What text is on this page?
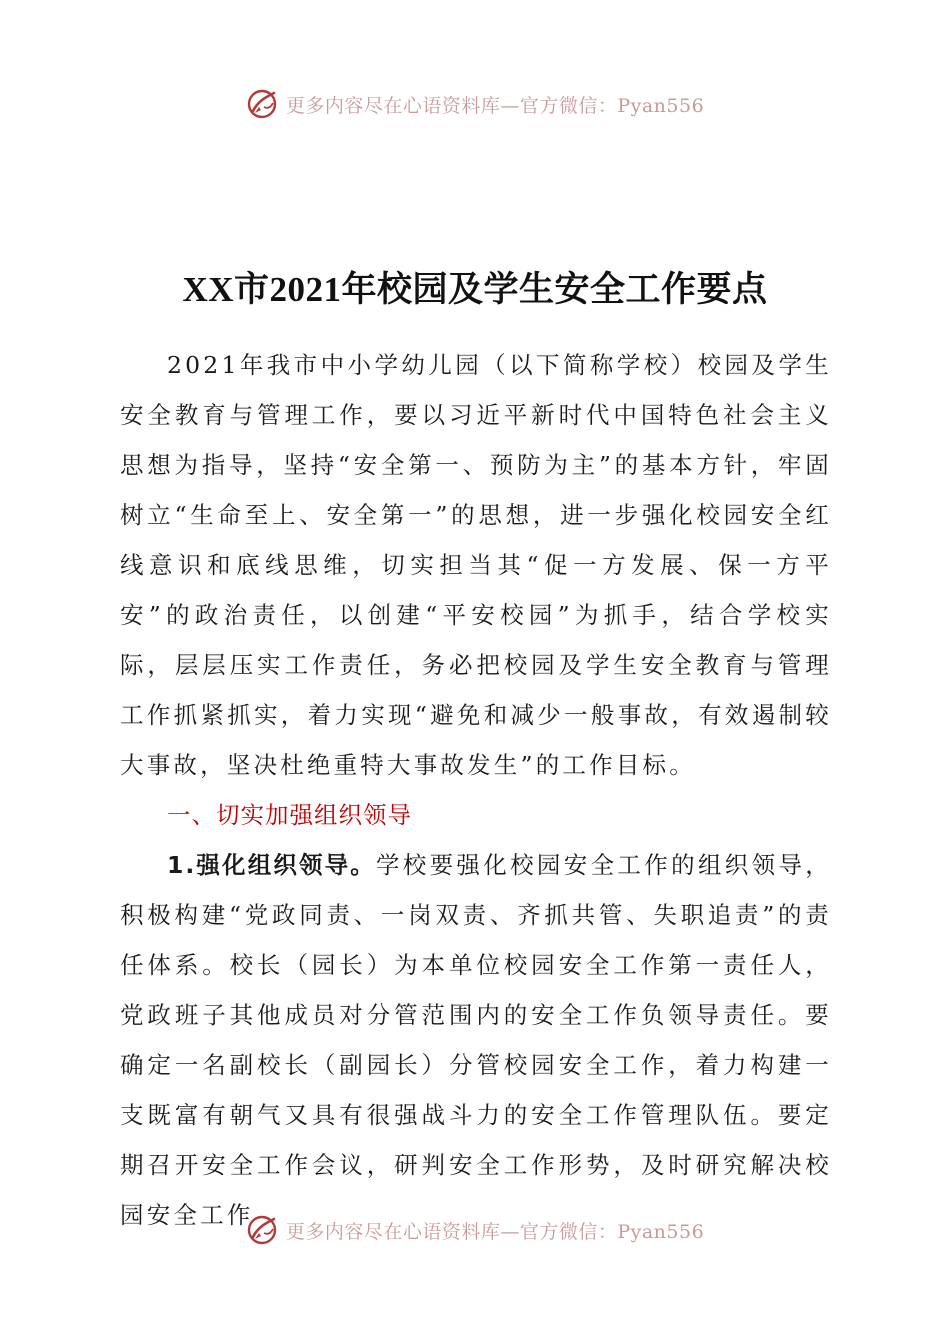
更多内容尽在心语资料库—官方微信：Pyan556
XX市2021年校园及学生安全工作要点

2021年我市中小学幼儿园（以下简称学校）校园及学生安全教育与管理工作，要以习近平新时代中国特色社会主义思想为指导，坚持“安全第一、预防为主”的基本方针，牢固树立“生命至上、安全第一”的思想，进一步强化校园安全红线意识和底线思维，切实担当其“促一方发展、保一方平安”的政治责任，以创建“平安校园”为抓手，结合学校实际，层层压实工作责任，务必把校园及学生安全教育与管理工作抓紧抓实，着力实现“避免和减少一般事故，有效遏制较大事故，坚决杜绝重特大事故发生”的工作目标。

一、切实加强组织领导

1.强化组织领导。学校要强化校园安全工作的组织领导，积极构建“党政同责、一岗双责、齐抓共管、失职追责”的责任体系。校长（园长）为本单位校园安全工作第一责任人，党政班子其他成员对分管范围内的安全工作负领导责任。要确定一名副校长（副园长）分管校园安全工作，着力构建一支既富有朝气又具有很强战斗力的安全工作管理队伍。要定期召开安全工作会议，研判安全工作形势，及时研究解决校园安全工作

更多内容尽在心语资料库—官方微信：Pyan556
